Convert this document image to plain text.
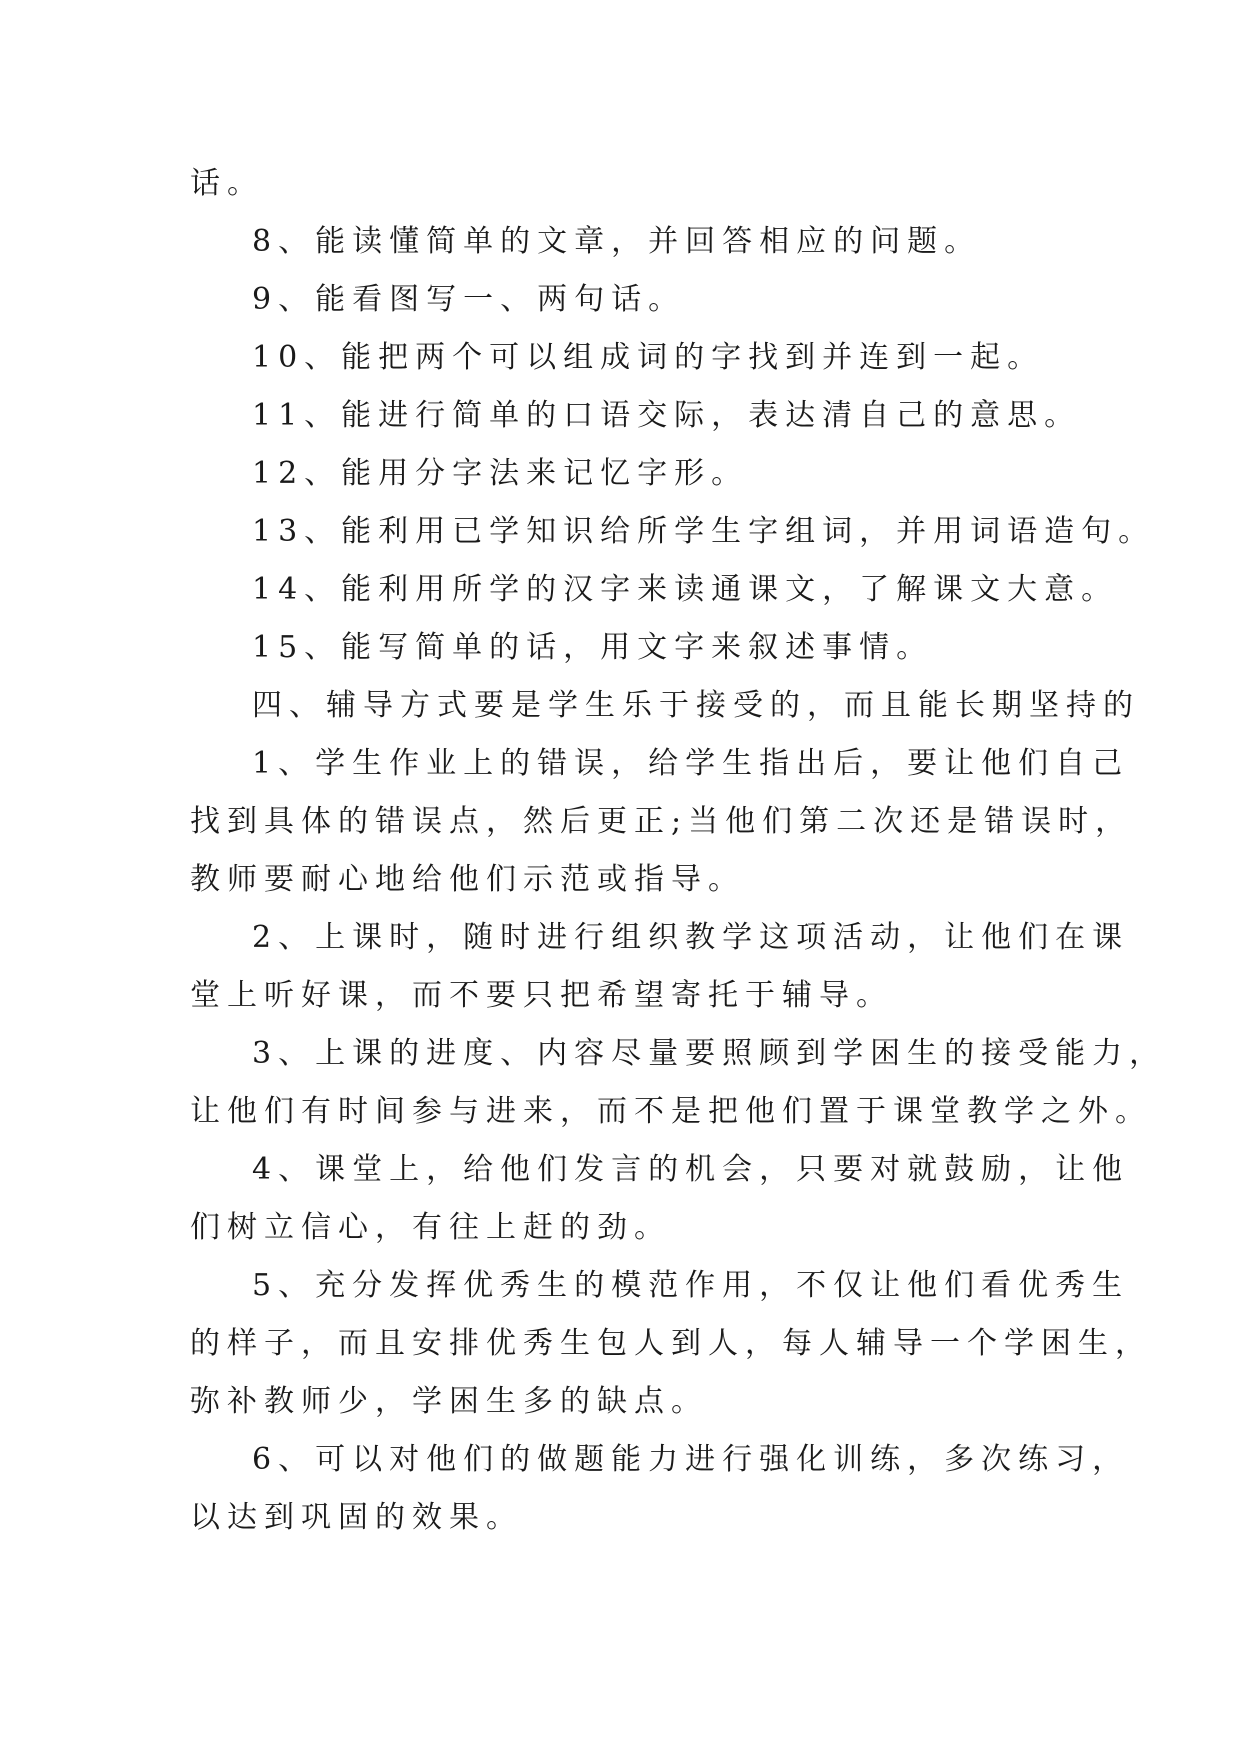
话。
8、能读懂简单的文章，并回答相应的问题。
9、能看图写一、两句话。
10、能把两个可以组成词的字找到并连到一起。
11、能进行简单的口语交际，表达清自己的意思。
12、能用分字法来记忆字形。
13、能利用已学知识给所学生字组词，并用词语造句。
14、能利用所学的汉字来读通课文，了解课文大意。
15、能写简单的话，用文字来叙述事情。
四、辅导方式要是学生乐于接受的，而且能长期坚持的
1、学生作业上的错误，给学生指出后，要让他们自己
找到具体的错误点，然后更正;当他们第二次还是错误时，
教师要耐心地给他们示范或指导。
2、上课时，随时进行组织教学这项活动，让他们在课
堂上听好课，而不要只把希望寄托于辅导。
3、上课的进度、内容尽量要照顾到学困生的接受能力，
让他们有时间参与进来，而不是把他们置于课堂教学之外。
4、课堂上，给他们发言的机会，只要对就鼓励，让他
们树立信心，有往上赶的劲。
5、充分发挥优秀生的模范作用，不仅让他们看优秀生
的样子，而且安排优秀生包人到人，每人辅导一个学困生，
弥补教师少，学困生多的缺点。
6、可以对他们的做题能力进行强化训练，多次练习，
以达到巩固的效果。
